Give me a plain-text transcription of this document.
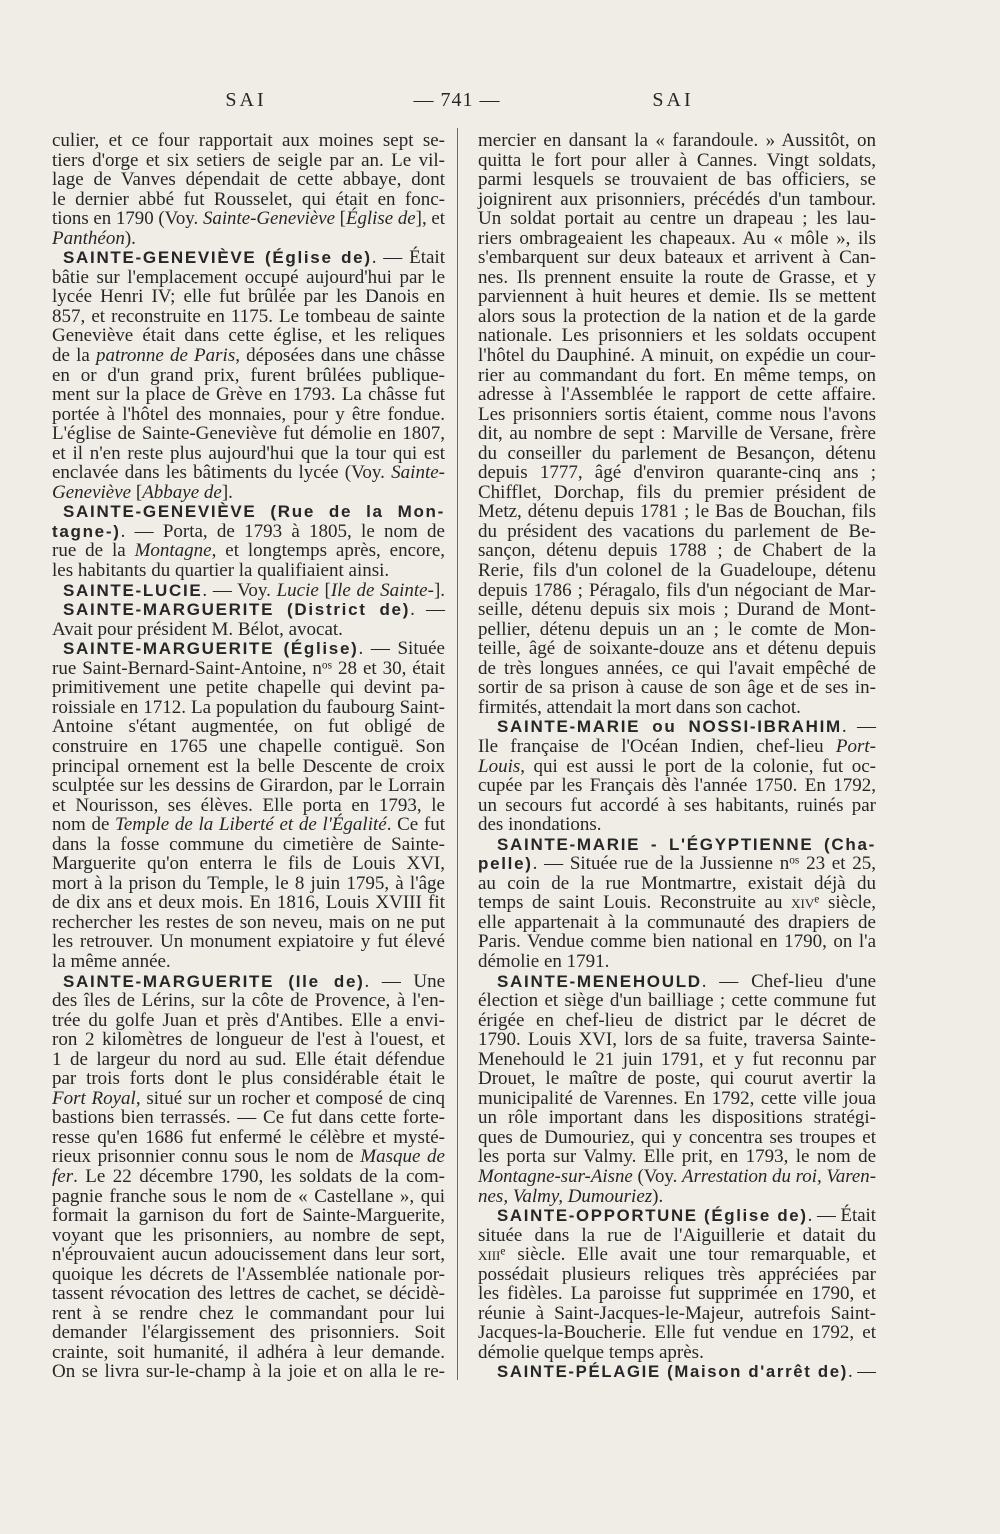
SAI	— 741 —	SAI
culier, et ce four rapportait aux moines sept se-
tiers d'orge et six setiers de seigle par an. Le vil-
lage de Vanves dépendait de cette abbaye, dont
le dernier abbé fut Rousselet, qui était en fonc-
tions en 1790 (Voy. Sainte-Geneviève [Église de], et
Panthéon).
SAINTE-GENEVIÈVE (Église de). — Était
bâtie sur l'emplacement occupé aujourd'hui par le
lycée Henri IV; elle fut brûlée par les Danois en
857, et reconstruite en 1175. Le tombeau de sainte
Geneviève était dans cette église, et les reliques
de la patronne de Paris, déposées dans une châsse
en or d'un grand prix, furent brûlées publique-
ment sur la place de Grève en 1793. La châsse fut
portée à l'hôtel des monnaies, pour y être fondue.
L'église de Sainte-Geneviève fut démolie en 1807,
et il n'en reste plus aujourd'hui que la tour qui est
enclavée dans les bâtiments du lycée (Voy. Sainte-
Geneviève [Abbaye de].
SAINTE-GENEVIÈVE (Rue de la Mon-
tagne-). — Porta, de 1793 à 1805, le nom de
rue de la Montagne, et longtemps après, encore,
les habitants du quartier la qualifiaient ainsi.
SAINTE-LUCIE. — Voy. Lucie [Ile de Sainte-].
SAINTE-MARGUERITE (District de). —
Avait pour président M. Bélot, avocat.
SAINTE-MARGUERITE (Église). — Située
rue Saint-Bernard-Saint-Antoine, $n^{os}$ 28 et 30, était
primitivement une petite chapelle qui devint pa-
roissiale en 1712. La population du faubourg Saint-
Antoine s'étant augmentée, on fut obligé de
construire en 1765 une chapelle contiguë. Son
principal ornement est la belle Descente de croix
sculptée sur les dessins de Girardon, par le Lorrain
et Nourisson, ses élèves. Elle porta en 1793, le
nom de Temple de la Liberté et de l'Égalité. Ce fut
dans la fosse commune du cimetière de Sainte-
Marguerite qu'on enterra le fils de Louis XVI,
mort à la prison du Temple, le 8 juin 1795, à l'âge
de dix ans et deux mois. En 1816, Louis XVIII fit
rechercher les restes de son neveu, mais on ne put
les retrouver. Un monument expiatoire y fut élevé
la même année.
SAINTE-MARGUERITE (Ile de). — Une
des îles de Lérins, sur la côte de Provence, à l'en-
trée du golfe Juan et près d'Antibes. Elle a envi-
ron 2 kilomètres de longueur de l'est à l'ouest, et
1 de largeur du nord au sud. Elle était défendue
par trois forts dont le plus considérable était le
Fort Royal, situé sur un rocher et composé de cinq
bastions bien terrassés. — Ce fut dans cette forte-
resse qu'en 1686 fut enfermé le célèbre et mysté-
rieux prisonnier connu sous le nom de Masque de
fer. Le 22 décembre 1790, les soldats de la com-
pagnie franche sous le nom de « Castellane », qui
formait la garnison du fort de Sainte-Marguerite,
voyant que les prisonniers, au nombre de sept,
n'éprouvaient aucun adoucissement dans leur sort,
quoique les décrets de l'Assemblée nationale por-
tassent révocation des lettres de cachet, se décidè-
rent à se rendre chez le commandant pour lui
demander l'élargissement des prisonniers. Soit
crainte, soit humanité, il adhéra à leur demande.
On se livra sur-le-champ à la joie et on alla le re-
mercier en dansant la « farandoule. » Aussitôt, on
quitta le fort pour aller à Cannes. Vingt soldats,
parmi lesquels se trouvaient de bas officiers, se
joignirent aux prisonniers, précédés d'un tambour.
Un soldat portait au centre un drapeau ; les lau-
riers ombrageaient les chapeaux. Au « môle », ils
s'embarquent sur deux bateaux et arrivent à Can-
nes. Ils prennent ensuite la route de Grasse, et y
parviennent à huit heures et demie. Ils se mettent
alors sous la protection de la nation et de la garde
nationale. Les prisonniers et les soldats occupent
l'hôtel du Dauphiné. A minuit, on expédie un cour-
rier au commandant du fort. En même temps, on
adresse à l'Assemblée le rapport de cette affaire.
Les prisonniers sortis étaient, comme nous l'avons
dit, au nombre de sept : Marville de Versane, frère
du conseiller du parlement de Besançon, détenu
depuis 1777, âgé d'environ quarante-cinq ans ;
Chifflet, Dorchap, fils du premier président de
Metz, détenu depuis 1781 ; le Bas de Bouchan, fils
du président des vacations du parlement de Be-
sançon, détenu depuis 1788 ; de Chabert de la
Rerie, fils d'un colonel de la Guadeloupe, détenu
depuis 1786 ; Péragalo, fils d'un négociant de Mar-
seille, détenu depuis six mois ; Durand de Mont-
pellier, détenu depuis un an ; le comte de Mon-
teille, âgé de soixante-douze ans et détenu depuis
de très longues années, ce qui l'avait empêché de
sortir de sa prison à cause de son âge et de ses in-
firmités, attendait la mort dans son cachot.
SAINTE-MARIE ou NOSSI-IBRAHIM. —
Ile française de l'Océan Indien, chef-lieu Port-
Louis, qui est aussi le port de la colonie, fut oc-
cupée par les Français dès l'année 1750. En 1792,
un secours fut accordé à ses habitants, ruinés par
des inondations.
SAINTE-MARIE - L'ÉGYPTIENNE (Cha-
pelle). — Située rue de la Jussienne $n^{os}$ 23 et 25,
au coin de la rue Montmartre, existait déjà du
temps de saint Louis. Reconstruite au xiv$^e$ siècle,
elle appartenait à la communauté des drapiers de
Paris. Vendue comme bien national en 1790, on l'a
démolie en 1791.
SAINTE-MENEHOULD. — Chef-lieu d'une
élection et siège d'un bailliage ; cette commune fut
érigée en chef-lieu de district par le décret de
1790. Louis XVI, lors de sa fuite, traversa Sainte-
Menehould le 21 juin 1791, et y fut reconnu par
Drouet, le maître de poste, qui courut avertir la
municipalité de Varennes. En 1792, cette ville joua
un rôle important dans les dispositions stratégi-
ques de Dumouriez, qui y concentra ses troupes et
les porta sur Valmy. Elle prit, en 1793, le nom de
Montagne-sur-Aisne (Voy. Arrestation du roi, Varen-
nes, Valmy, Dumouriez).
SAINTE-OPPORTUNE (Église de). — Était
située dans la rue de l'Aiguillerie et datait du
xiii$^e$ siècle. Elle avait une tour remarquable, et
possédait plusieurs reliques très appréciées par
les fidèles. La paroisse fut supprimée en 1790, et
réunie à Saint-Jacques-le-Majeur, autrefois Saint-
Jacques-la-Boucherie. Elle fut vendue en 1792, et
démolie quelque temps après.
SAINTE-PÉLAGIE (Maison d'arrêt de). —
